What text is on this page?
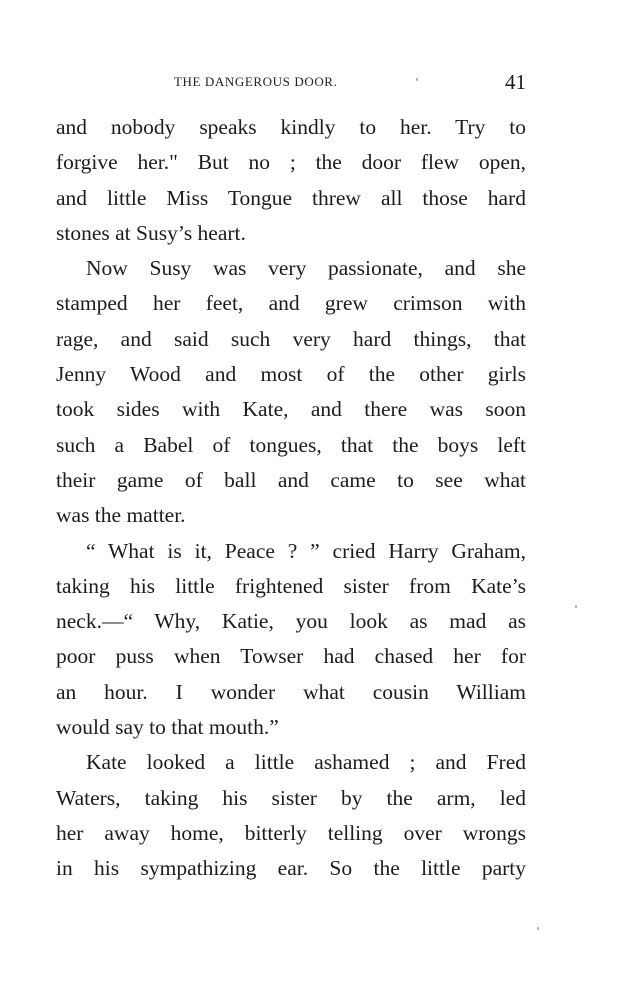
THE DANGEROUS DOOR.	41
and nobody speaks kindly to her. Try to
forgive her." But no ; the door flew open,
and little Miss Tongue threw all those hard
stones at Susy’s heart.
Now Susy was very passionate, and she
stamped her feet, and grew crimson with
rage, and said such very hard things, that
Jenny Wood and most of the other girls
took sides with Kate, and there was soon
such a Babel of tongues, that the boys left
their game of ball and came to see what
was the matter.
“ What is it, Peace ? ” cried Harry Graham,
taking his little frightened sister from Kate’s
neck.—“ Why, Katie, you look as mad as
poor puss when Towser had chased her for
an hour. I wonder what cousin William
would say to that mouth.”
Kate looked a little ashamed ; and Fred
Waters, taking his sister by the arm, led
her away home, bitterly telling over wrongs
in his sympathizing ear. So the little party
